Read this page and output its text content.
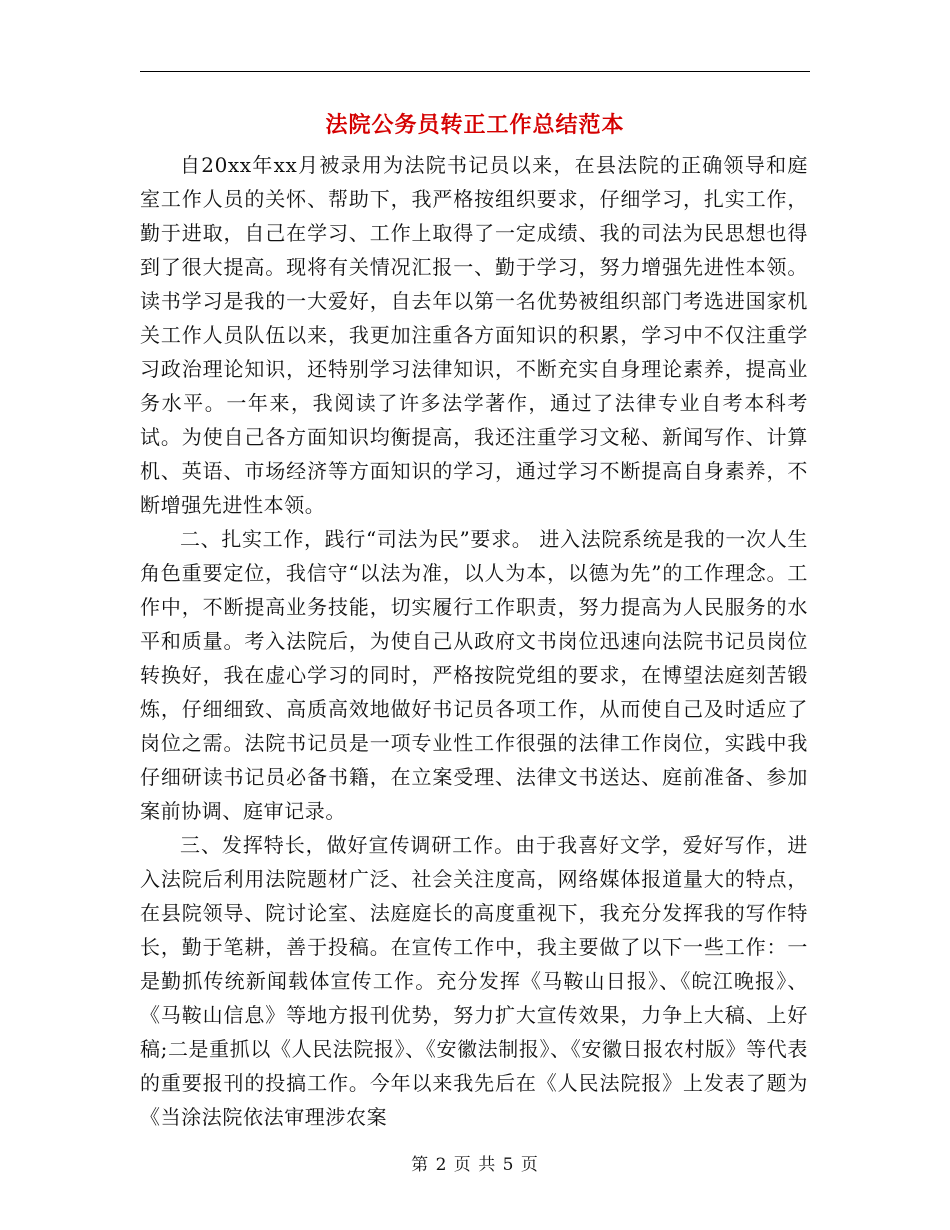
法院公务员转正工作总结范本

自20xx年xx月被录用为法院书记员以来，在县法院的正确领导和庭室工作人员的关怀、帮助下，我严格按组织要求，仔细学习，扎实工作，勤于进取，自己在学习、工作上取得了一定成绩、我的司法为民思想也得到了很大提高。现将有关情况汇报一、勤于学习，努力增强先进性本领。读书学习是我的一大爱好，自去年以第一名优势被组织部门考选进国家机关工作人员队伍以来，我更加注重各方面知识的积累，学习中不仅注重学习政治理论知识，还特别学习法律知识，不断充实自身理论素养，提高业务水平。一年来，我阅读了许多法学著作，通过了法律专业自考本科考试。为使自己各方面知识均衡提高，我还注重学习文秘、新闻写作、计算机、英语、市场经济等方面知识的学习，通过学习不断提高自身素养，不断增强先进性本领。

二、扎实工作，践行“司法为民”要求。 进入法院系统是我的一次人生角色重要定位，我信守“以法为准，以人为本，以德为先”的工作理念。工作中，不断提高业务技能，切实履行工作职责，努力提高为人民服务的水平和质量。考入法院后，为使自己从政府文书岗位迅速向法院书记员岗位转换好，我在虚心学习的同时，严格按院党组的要求，在博望法庭刻苦锻炼，仔细细致、高质高效地做好书记员各项工作，从而使自己及时适应了岗位之需。法院书记员是一项专业性工作很强的法律工作岗位，实践中我仔细研读书记员必备书籍，在立案受理、法律文书送达、庭前准备、参加案前协调、庭审记录。

三、发挥特长，做好宣传调研工作。由于我喜好文学，爱好写作，进入法院后利用法院题材广泛、社会关注度高，网络媒体报道量大的特点，在县院领导、院讨论室、法庭庭长的高度重视下，我充分发挥我的写作特长，勤于笔耕，善于投稿。在宣传工作中，我主要做了以下一些工作：一是勤抓传统新闻载体宣传工作。充分发挥《马鞍山日报》、《皖江晚报》、《马鞍山信息》等地方报刊优势，努力扩大宣传效果，力争上大稿、上好稿;二是重抓以《人民法院报》、《安徽法制报》、《安徽日报农村版》等代表的重要报刊的投搞工作。今年以来我先后在《人民法院报》上发表了题为《当涂法院依法审理涉农案

第 2 页 共 5 页
